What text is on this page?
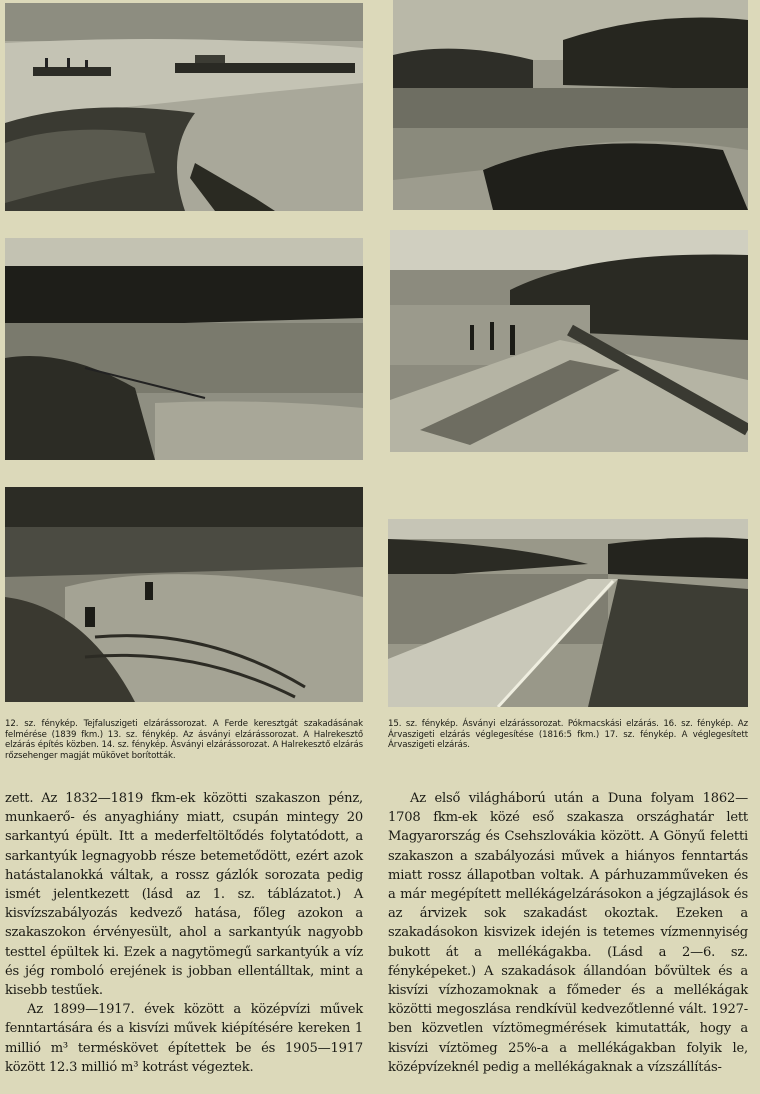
12. sz. fénykép. Tejfaluszigeti elzárássorozat. A Ferde keresztgát szakadásának felmérése (1839 fkm.) 13. sz. fénykép. Az ásványi elzárássorozat. A Halrekesztő elzárás építés közben. 14. sz. fénykép. Ásványi elzárássorozat. A Halrekesztő elzárás rőzsehenger magját mükövet borították.
15. sz. fénykép. Ásványi elzárássorozat. Pókmacskási elzárás. 16. sz. fénykép. Az Árvaszigeti elzárás véglegesítése (1816:5 fkm.) 17. sz. fénykép. A véglegesített Árvaszigeti elzárás.

zett. Az 1832—1819 fkm-ek közötti szakaszon pénz, munkaerő- és anyaghiány miatt, csupán mintegy 20 sarkantyú épült. Itt a mederfeltöltődés folytatódott, a sarkantyúk legnagyobb része betemetődött, ezért azok hatástalanokká váltak, a rossz gázlók sorozata pedig ismét jelentkezett (lásd az 1. sz. táblázatot.) A kisvízszabályozás kedvező hatása, főleg azokon a szakaszokon érvényesült, ahol a sarkantyúk nagyobb testtel épültek ki. Ezek a nagytömegű sarkantyúk a víz és jég romboló erejének is jobban ellentálltak, mint a kisebb testűek.

Az 1899—1917. évek között a középvízi művek fenntartására és a kisvízi művek kiépítésére kereken 1 millió m³ terméskövet építettek be és 1905—1917 között 12.3 millió m³ kotrást végeztek.

Az első világháború után a Duna folyam 1862—1708 fkm-ek közé eső szakasza országhatár lett Magyarország és Csehszlovákia között. A Gönyű feletti szakaszon a szabályozási művek a hiányos fenntartás miatt rossz állapotban voltak. A párhuzamműveken és a már megépített mellékágelzárásokon a jégzajlások és az árvizek sok szakadást okoztak. Ezeken a szakadásokon kisvizek idején is tetemes vízmennyiség bukott át a mellékágakba. (Lásd a 2—6. sz. fényképeket.) A szakadások állandóan bővültek és a kisvízi vízhozamoknak a főmeder és a mellékágak közötti megoszlása rendkívül kedvezőtlenné vált. 1927-ben közvetlen víztömegmérések kimutatták, hogy a kisvízi víztömeg 25%-a a mellékágakban folyik le, középvízeknél pedig a mellékágaknak a vízszállítás-
